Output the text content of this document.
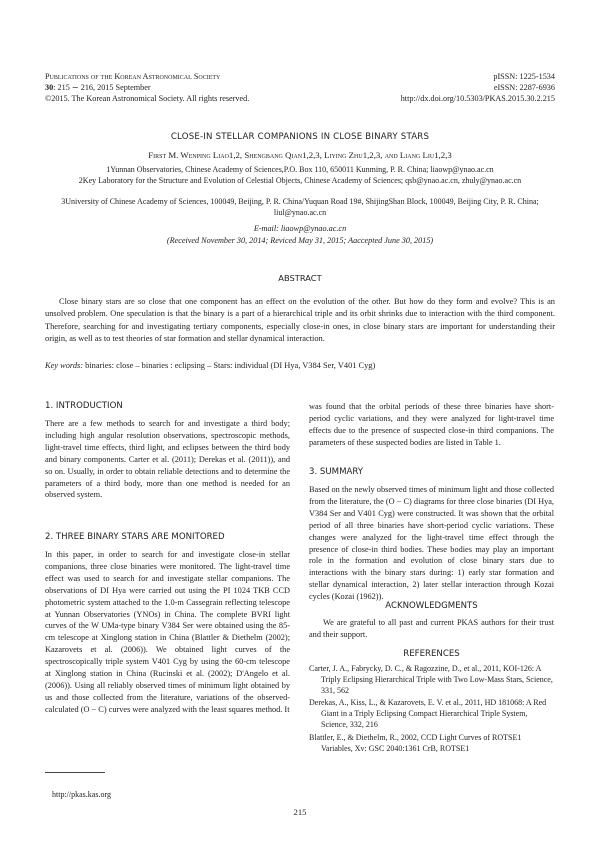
Publications of the Korean Astronomical Society
30: 215 ∼ 216, 2015 September
©2015. The Korean Astronomical Society. All rights reserved.
pISSN: 1225-1534
eISSN: 2287-6936
http://dx.doi.org/10.5303/PKAS.2015.30.2.215
CLOSE-IN STELLAR COMPANIONS IN CLOSE BINARY STARS
First M. Wenping Liao1,2, Shengbang Qian1,2,3, Liying Zhu1,2,3, and Liang Liu1,2,3
1Yunnan Observatories, Chinese Academy of Sciences,P.O. Box 110, 650011 Kunming, P. R. China; liaowp@ynao.ac.cn
2Key Laboratory for the Structure and Evolution of Celestial Objects, Chinese Academy of Sciences; qsb@ynao.ac.cn, zhuly@ynao.ac.cn
3University of Chinese Academy of Sciences, 100049, Beijing, P. R. China/Yuquan Road 19#, ShijingShan Block, 100049, Beijing City, P. R. China; liul@ynao.ac.cn
E-mail: liaowp@ynao.ac.cn
(Received November 30, 2014; Reviced May 31, 2015; Aaccepted June 30, 2015)
ABSTRACT
Close binary stars are so close that one component has an effect on the evolution of the other. But how do they form and evolve? This is an unsolved problem. One speculation is that the binary is a part of a hierarchical triple and its orbit shrinks due to interaction with the third component. Therefore, searching for and investigating tertiary components, especially close-in ones, in close binary stars are important for understanding their origin, as well as to test theories of star formation and stellar dynamical interaction.
Key words: binaries: close – binaries : eclipsing – Stars: individual (DI Hya, V384 Ser, V401 Cyg)
1. INTRODUCTION
There are a few methods to search for and investigate a third body; including high angular resolution observations, spectroscopic methods, light-travel time effects, third light, and eclipses between the third body and binary components. Carter et al. (2011); Derekas et al. (2011)), and so on. Usually, in order to obtain reliable detections and to determine the parameters of a third body, more than one method is needed for an observed system.
2. THREE BINARY STARS ARE MONITORED
In this paper, in order to search for and investigate close-in stellar companions, three close binaries were monitored. The light-travel time effect was used to search for and investigate stellar companions. The observations of DI Hya were carried out using the PI 1024 TKB CCD photometric system attached to the 1.0-m Cassegrain reflecting telescope at Yunnan Observatories (YNOs) in China. The complete BVRI light curves of the W UMa-type binary V384 Ser were obtained using the 85-cm telescope at Xinglong station in China (Blattler & Diethelm (2002); Kazarovets et al. (2006)). We obtained light curves of the spectroscopically triple system V401 Cyg by using the 60-cm telescope at Xinglong station in China (Rucinski et al. (2002); D'Angelo et al. (2006)). Using all reliably observed times of minimum light obtained by us and those collected from the literature, variations of the observed-calculated (O − C) curves were analyzed with the least squares method. It
was found that the orbital periods of these three binaries have short-period cyclic variations, and they were analyzed for light-travel time effects due to the presence of suspected close-in third companions. The parameters of these suspected bodies are listed in Table 1.
3. SUMMARY
Based on the newly observed times of minimum light and those collected from the literature, the (O − C) diagrams for three close binaries (DI Hya, V384 Ser and V401 Cyg) were constructed. It was shown that the orbital period of all three binaries have short-period cyclic variations. These changes were analyzed for the light-travel time effect through the presence of close-in third bodies. These bodies may play an important role in the formation and evolution of close binary stars due to interactions with the binary stars during: 1) early star formation and stellar dynamical interaction, 2) later stellar interaction through Kozai cycles (Kozai (1962)).
ACKNOWLEDGMENTS
We are grateful to all past and current PKAS authors for their trust and their support.
REFERENCES

Carter, J. A., Fabrycky, D. C., & Ragozzine, D., et al., 2011, KOI-126: A Triply Eclipsing Hierarchical Triple with Two Low-Mass Stars, Science, 331, 562

Derekas, A., Kiss, L., & Kazarovets, E. V. et al., 2011, HD 181068: A Red Giant in a Triply Eclipsing Compact Hierarchical Triple System, Science, 332, 216

Blattler, E., & Diethelm, R., 2002, CCD Light Curves of ROTSE1 Variables, Xv: GSC 2040:1361 CrB, ROTSE1

http://pkas.kas.org
215
